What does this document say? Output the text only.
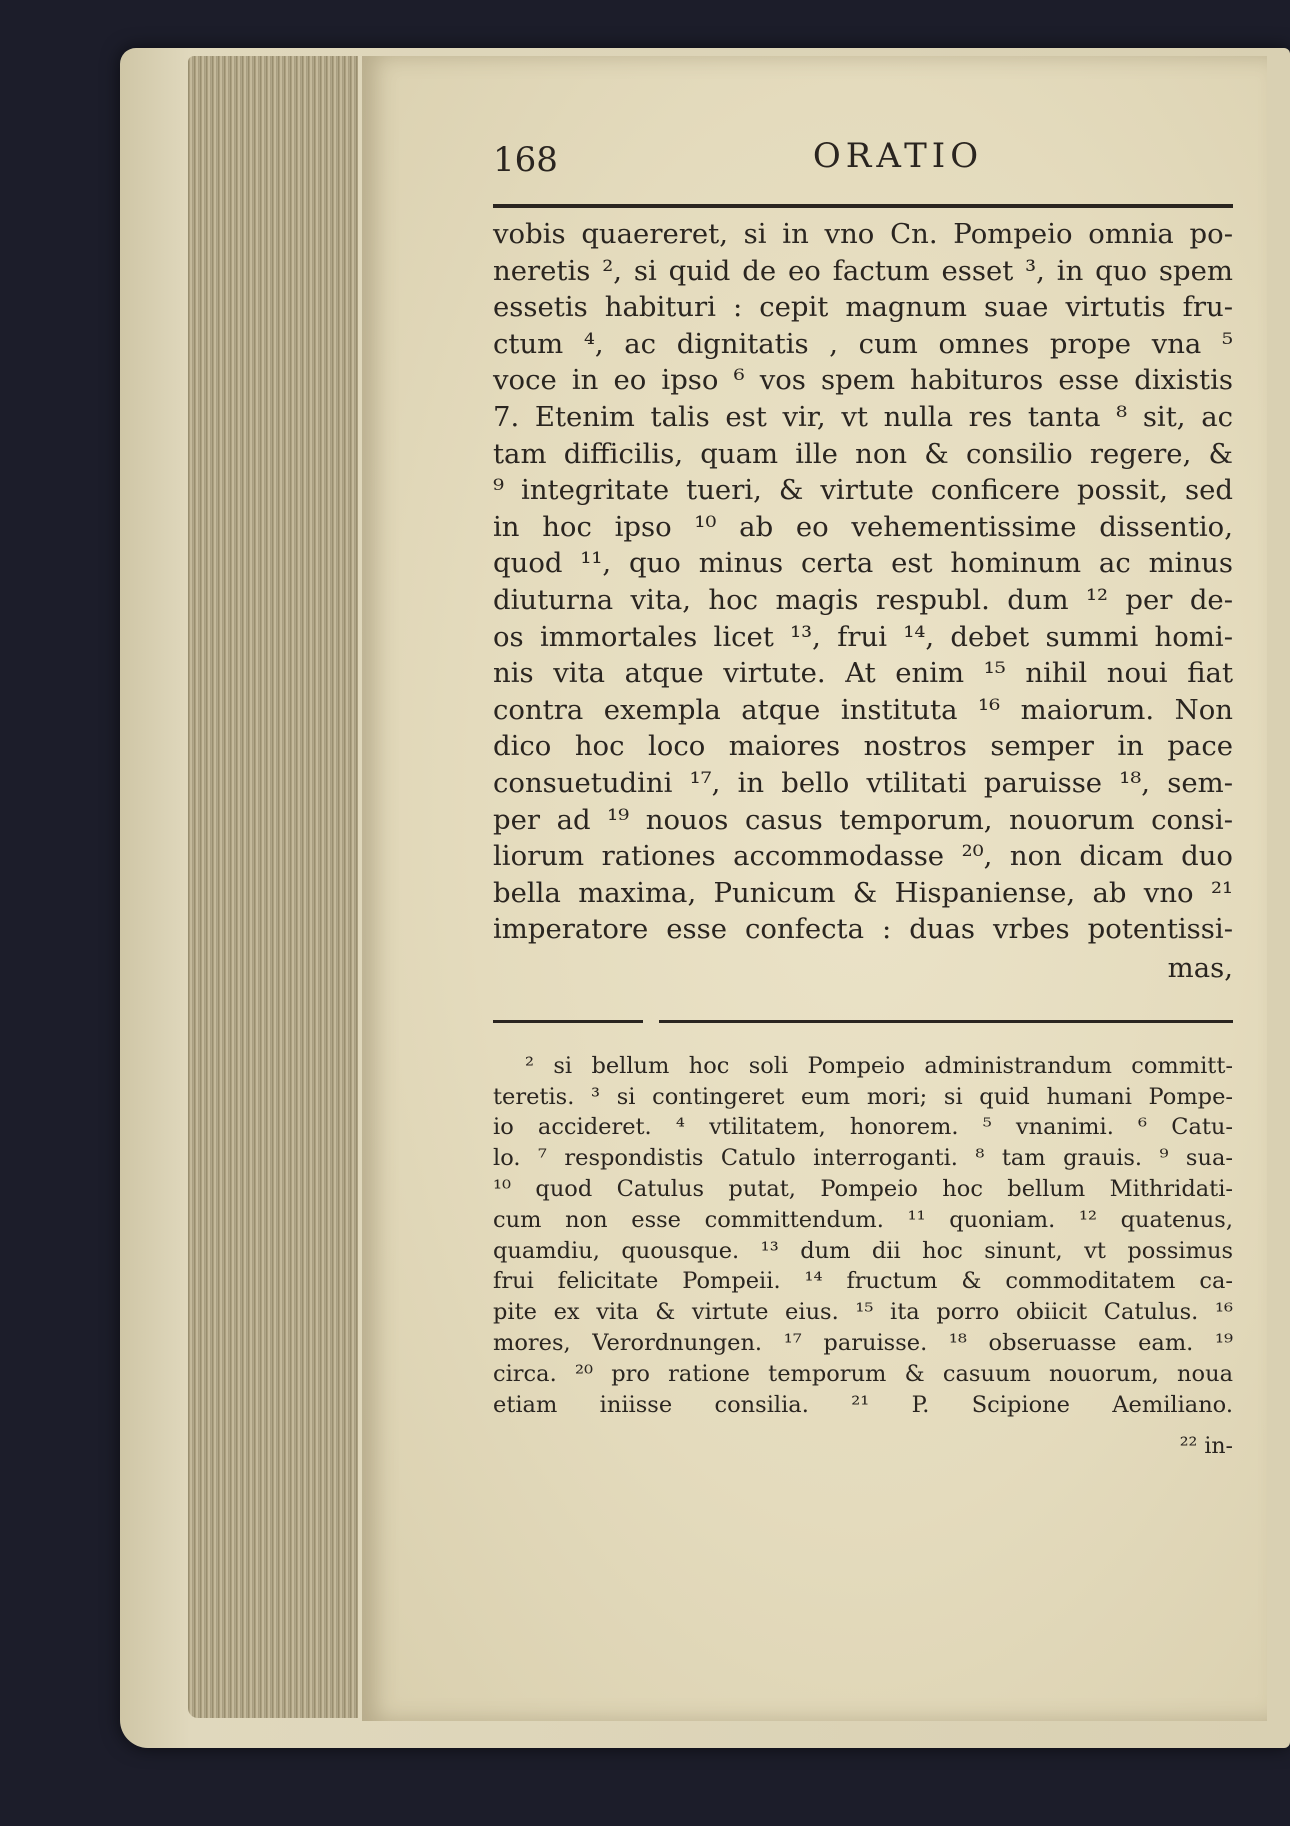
168	ORATIO
vobis quaereret, si in vno Cn. Pompeio omnia po-
neretis ², si quid de eo factum esset ³, in quo spem
essetis habituri : cepit magnum suae virtutis fru-
ctum ⁴, ac dignitatis , cum omnes prope vna ⁵
voce in eo ipso ⁶ vos spem habituros esse dixistis
7. Etenim talis est vir, vt nulla res tanta ⁸ sit, ac
tam difficilis, quam ille non & consilio regere, &
⁹ integritate tueri, & virtute conficere possit, sed
in hoc ipso ¹⁰ ab eo vehementissime dissentio,
quod ¹¹, quo minus certa est hominum ac minus
diuturna vita, hoc magis respubl. dum ¹² per de-
os immortales licet ¹³, frui ¹⁴, debet summi homi-
nis vita atque virtute. At enim ¹⁵ nihil noui fiat
contra exempla atque instituta ¹⁶ maiorum. Non
dico hoc loco maiores nostros semper in pace
consuetudini ¹⁷, in bello vtilitati paruisse ¹⁸, sem-
per ad ¹⁹ nouos casus temporum, nouorum consi-
liorum rationes accommodasse ²⁰, non dicam duo
bella maxima, Punicum & Hispaniense, ab vno ²¹
imperatore esse confecta : duas vrbes potentissi-
mas,
² si bellum hoc soli Pompeio administrandum committ-
teretis. ³ si contingeret eum mori; si quid humani Pompe-
io accideret. ⁴ vtilitatem, honorem. ⁵ vnanimi. ⁶ Catu-
lo. ⁷ respondistis Catulo interroganti. ⁸ tam grauis. ⁹ sua-
¹⁰ quod Catulus putat, Pompeio hoc bellum Mithridati-
cum non esse committendum. ¹¹ quoniam. ¹² quatenus,
quamdiu, quousque. ¹³ dum dii hoc sinunt, vt possimus
frui felicitate Pompeii. ¹⁴ fructum & commoditatem ca-
pite ex vita & virtute eius. ¹⁵ ita porro obiicit Catulus. ¹⁶
mores, Verordnungen. ¹⁷ paruisse. ¹⁸ obseruasse eam. ¹⁹
circa. ²⁰ pro ratione temporum & casuum nouorum, noua
etiam iniisse consilia. ²¹ P. Scipione Aemiliano.
²² in-
